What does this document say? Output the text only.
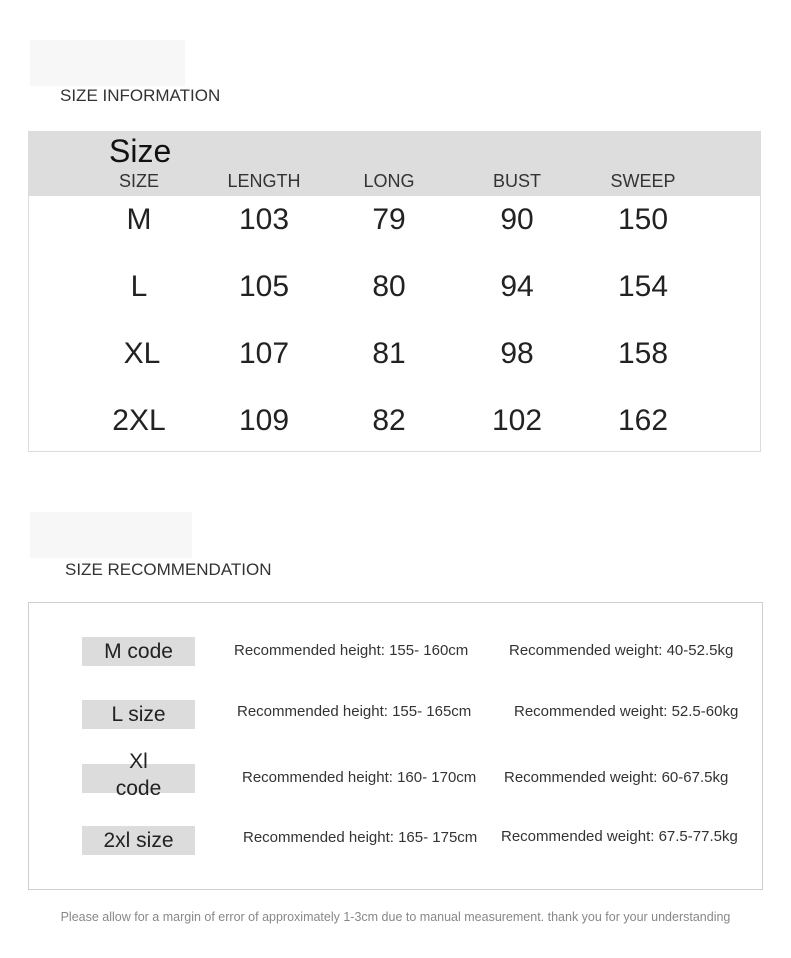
SIZE INFORMATION
Size
SIZE	LENGTH	LONG	BUST	SWEEP
M	103	79	90	150
L	105	80	94	154
XL	107	81	98	158
2XL	109	82	102	162
SIZE RECOMMENDATION
M code	Recommended height: 155- 160cm	Recommended weight: 40-52.5kg
L size	Recommended height: 155- 165cm	Recommended weight: 52.5-60kg
Xl
code	Recommended height: 160- 170cm Recommended weight: 60-67.5kg
2xl size	Recommended height: 165- 175cm Recommended weight: 67.5-77.5kg
Please allow for a margin of error of approximately 1-3cm due to manual measurement. thank you for your understanding
